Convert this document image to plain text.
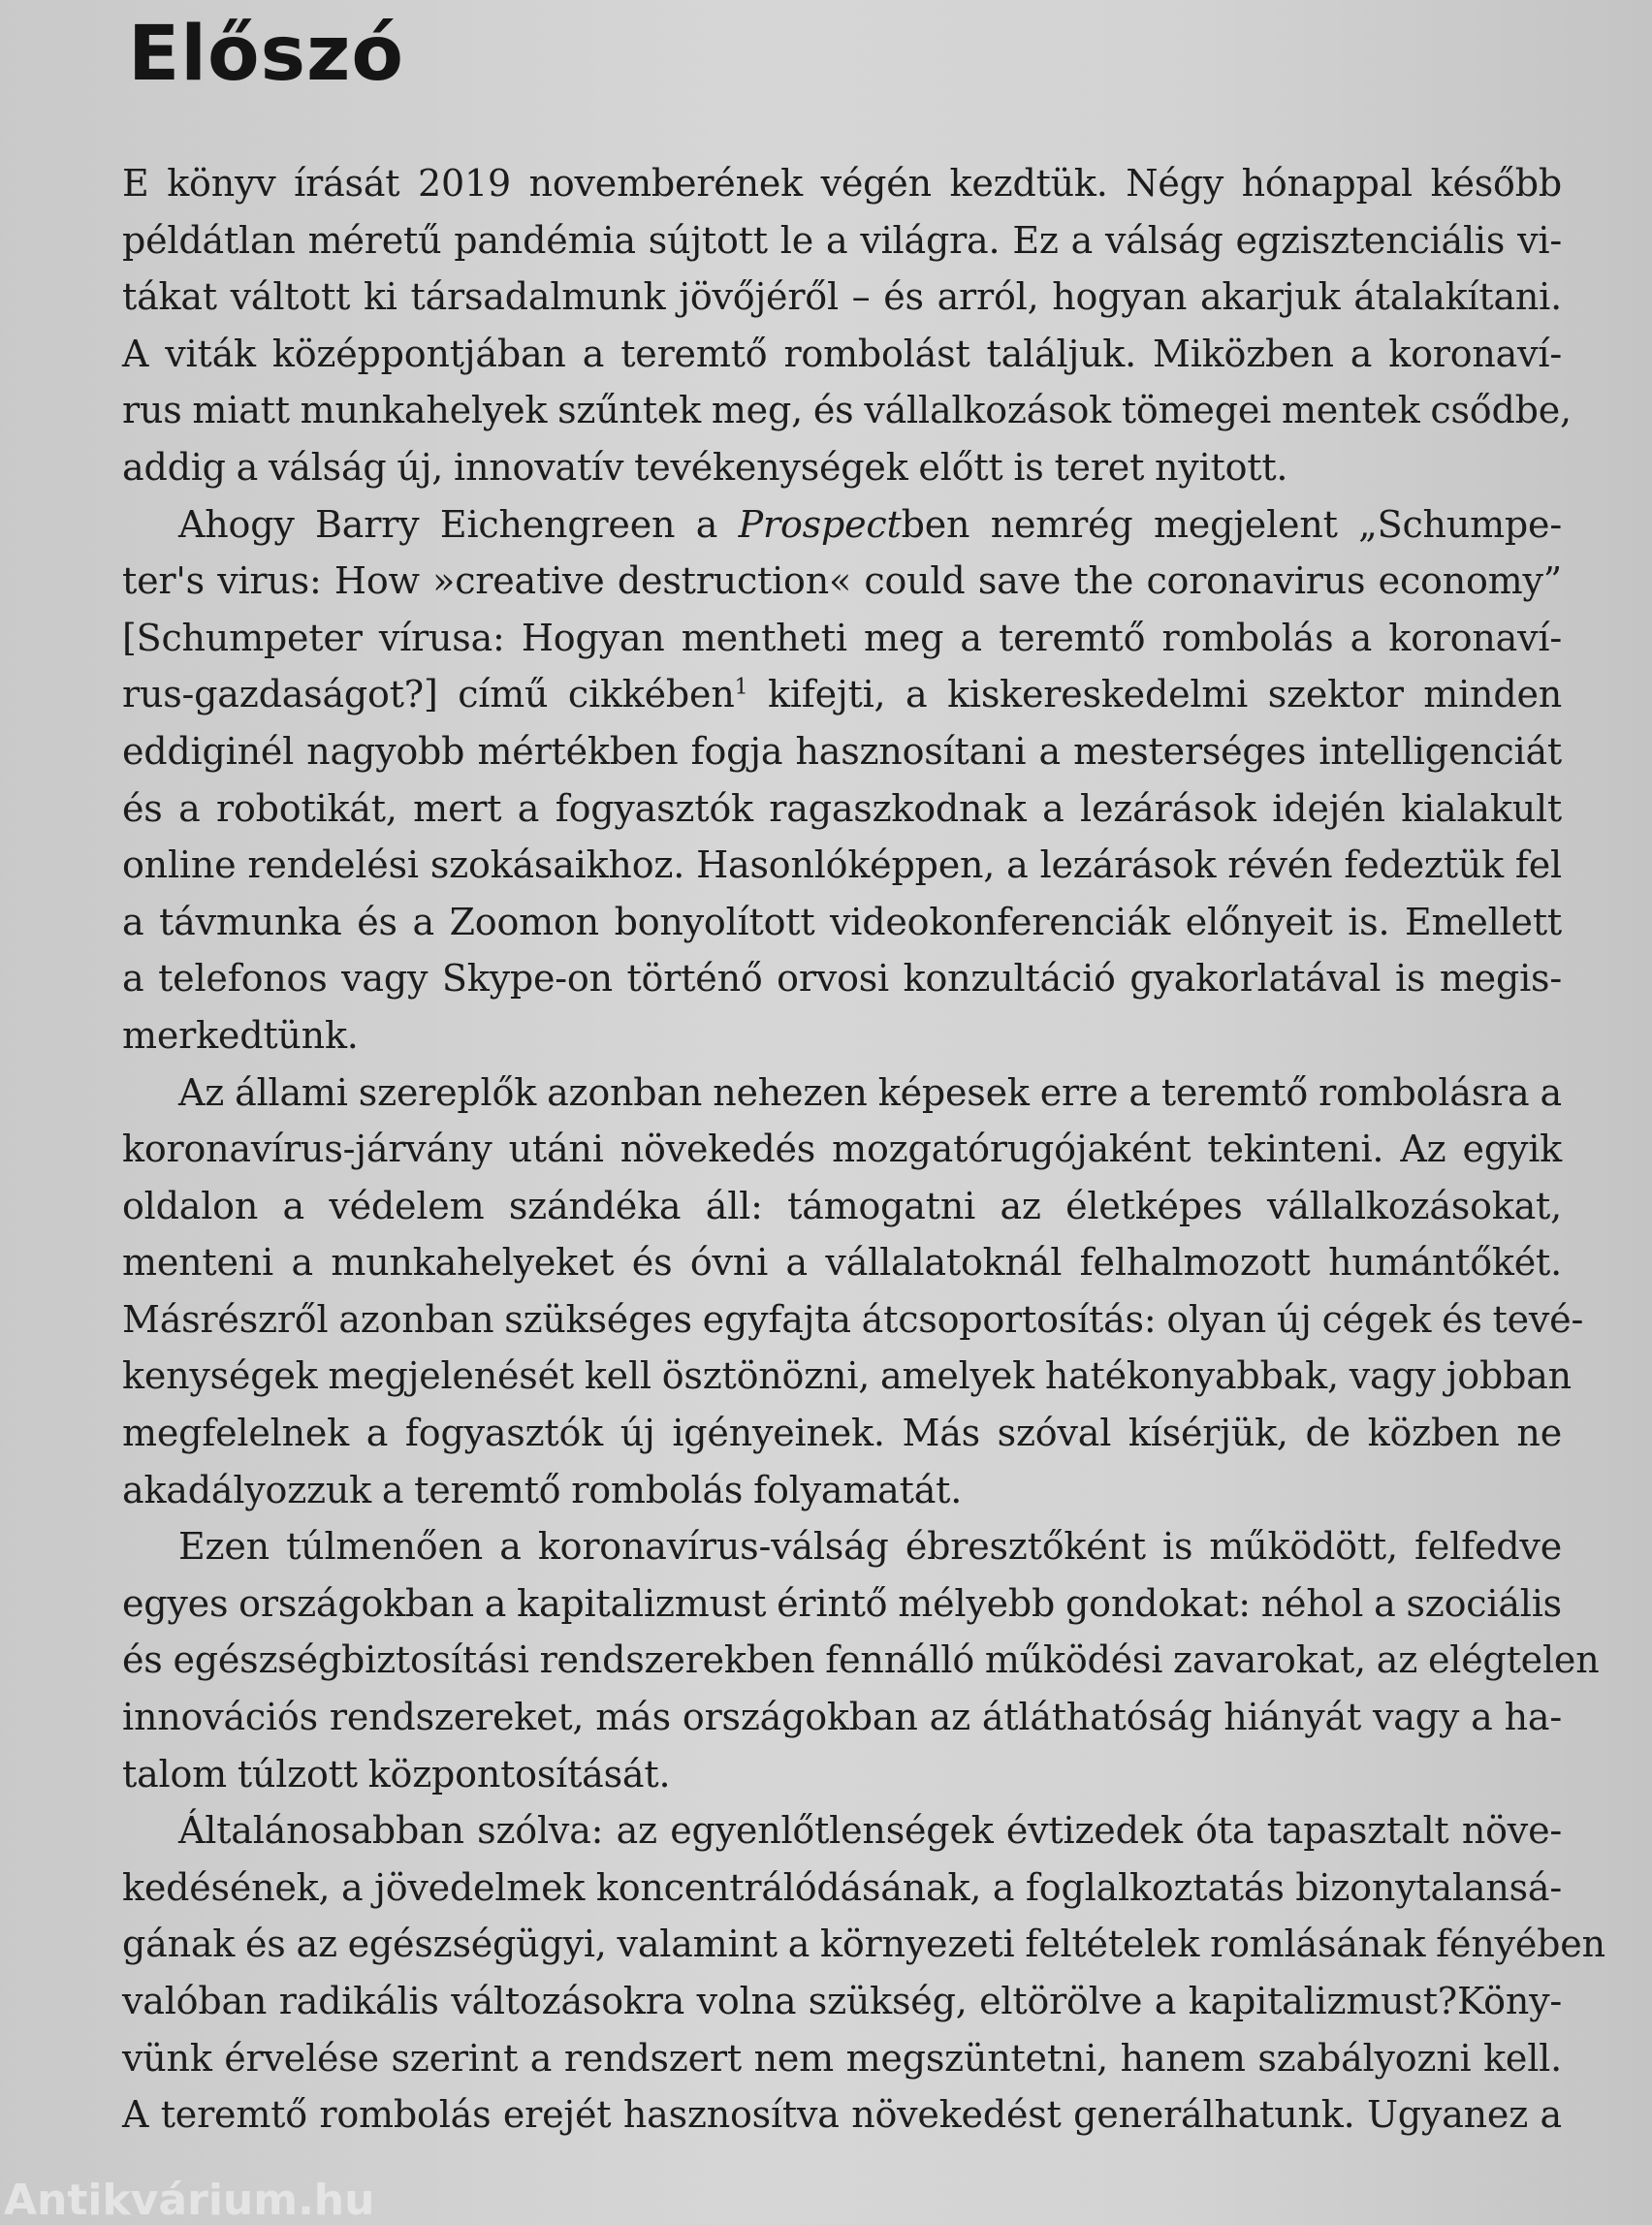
Előszó
E könyv írását 2019 novemberének végén kezdtük. Négy hónappal később
példátlan méretű pandémia sújtott le a világra. Ez a válság egzisztenciális vi-
tákat váltott ki társadalmunk jövőjéről – és arról, hogyan akarjuk átalakítani.
A viták középpontjában a teremtő rombolást találjuk. Miközben a koronaví-
rus miatt munkahelyek szűntek meg, és vállalkozások tömegei mentek csődbe,
addig a válság új, innovatív tevékenységek előtt is teret nyitott.
Ahogy Barry Eichengreen a Prospectben nemrég megjelent „Schumpe-
ter's virus: How »creative destruction« could save the coronavirus economy”
[Schumpeter vírusa: Hogyan mentheti meg a teremtő rombolás a koronaví-
rus-gazdaságot?] című cikkében$^1$ kifejti, a kiskereskedelmi szektor minden
eddiginél nagyobb mértékben fogja hasznosítani a mesterséges intelligenciát
és a robotikát, mert a fogyasztók ragaszkodnak a lezárások idején kialakult
online rendelési szokásaikhoz. Hasonlóképpen, a lezárások révén fedeztük fel
a távmunka és a Zoomon bonyolított videokonferenciák előnyeit is. Emellett
a telefonos vagy Skype-on történő orvosi konzultáció gyakorlatával is megis-
merkedtünk.
Az állami szereplők azonban nehezen képesek erre a teremtő rombolásra a
koronavírus-járvány utáni növekedés mozgatórugójaként tekinteni. Az egyik
oldalon a védelem szándéka áll: támogatni az életképes vállalkozásokat,
menteni a munkahelyeket és óvni a vállalatoknál felhalmozott humántőkét.
Másrészről azonban szükséges egyfajta átcsoportosítás: olyan új cégek és tevé-
kenységek megjelenését kell ösztönözni, amelyek hatékonyabbak, vagy jobban
megfelelnek a fogyasztók új igényeinek. Más szóval kísérjük, de közben ne
akadályozzuk a teremtő rombolás folyamatát.
Ezen túlmenően a koronavírus-válság ébresztőként is működött, felfedve
egyes országokban a kapitalizmust érintő mélyebb gondokat: néhol a szociális
és egészségbiztosítási rendszerekben fennálló működési zavarokat, az elégtelen
innovációs rendszereket, más országokban az átláthatóság hiányát vagy a ha-
talom túlzott központosítását.
Általánosabban szólva: az egyenlőtlenségek évtizedek óta tapasztalt növe-
kedésének, a jövedelmek koncentrálódásának, a foglalkoztatás bizonytalansá-
gának és az egészségügyi, valamint a környezeti feltételek romlásának fényében
valóban radikális változásokra volna szükség, eltörölve a kapitalizmust?Köny-
vünk érvelése szerint a rendszert nem megszüntetni, hanem szabályozni kell.
A teremtő rombolás erejét hasznosítva növekedést generálhatunk. Ugyanez a
Antikvárium.hu
